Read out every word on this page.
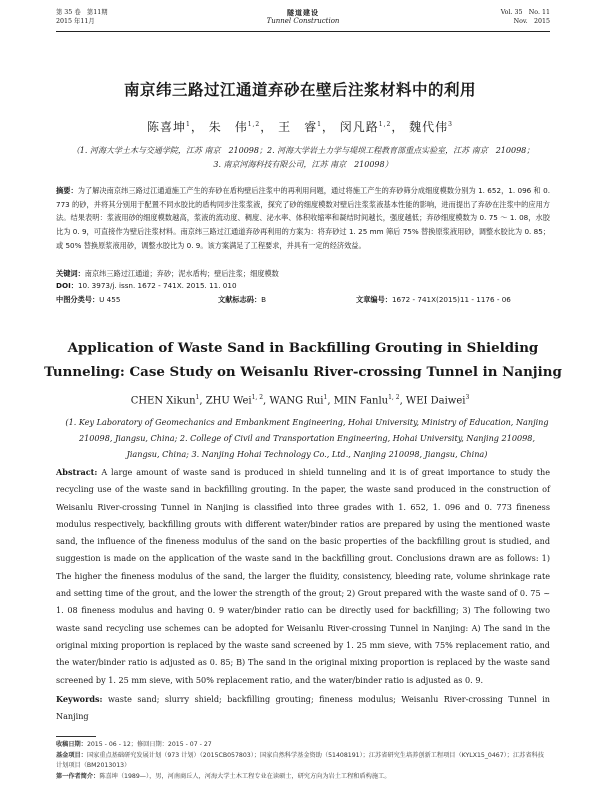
第 35 卷　第11期
2015 年11月
隧道建设
Tunnel Construction
Vol. 35　No. 11
Nov.　2015
南京纬三路过江通道弃砂在壁后注浆材料中的利用
陈喜坤$^1$， 朱　伟$^{1,2}$， 王　睿$^1$， 闵凡路$^{1,2}$， 魏代伟$^3$
（1. 河海大学土木与交通学院，江苏 南京　210098；2. 河海大学岩土力学与堤坝工程教育部重点实验室，江苏 南京　210098；3. 南京河海科技有限公司，江苏 南京　210098）
摘要：为了解决南京纬三路过江通道施工产生的弃砂在盾构壁后注浆中的再利用问题，通过将施工产生的弃砂筛分成细度模数分别为 1. 652，1. 096 和 0. 773 的砂，并将其分别用于配置不同水胶比的盾构同步注浆浆液，探究了砂的细度模数对壁后注浆浆液基本性能的影响，进而提出了弃砂在注浆中的应用方法。结果表明：浆液用砂的细度模数越高，浆液的流动度、稠度、泌水率、体积收缩率和凝结时间越长，强度越低；弃砂细度模数为 0. 75 ～ 1. 08，水胶比为 0. 9，可直接作为壁后注浆材料。南京纬三路过江通道弃砂再利用的方案为：将弃砂过 1. 25 mm 筛后 75% 替换原浆液用砂，调整水胶比为 0. 85；或 50% 替换原浆液用砂，调整水胶比为 0. 9。该方案满足了工程要求，并具有一定的经济效益。
关键词：南京纬三路过江通道；弃砂；泥水盾构；壁后注浆；细度模数
DOI：10. 3973/j. issn. 1672 - 741X. 2015. 11. 010
中图分类号：U 455	文献标志码：B	文章编号：1672 - 741X(2015)11 - 1176 - 06
Application of Waste Sand in Backfilling Grouting in Shielding Tunneling: Case Study on Weisanlu River-crossing Tunnel in Nanjing
CHEN Xikun$^1$, ZHU Wei$^{1, 2}$, WANG Rui$^1$, MIN Fanlu$^{1, 2}$, WEI Daiwei$^3$
(1. Key Laboratory of Geomechanics and Embankment Engineering, Hohai University, Ministry of Education, Nanjing 210098, Jiangsu, China; 2. College of Civil and Transportation Engineering, Hohai University, Nanjing 210098, Jiangsu, China; 3. Nanjing Hohai Technology Co., Ltd., Nanjing 210098, Jiangsu, China)
Abstract: A large amount of waste sand is produced in shield tunneling and it is of great importance to study the recycling use of the waste sand in backfilling grouting. In the paper, the waste sand produced in the construction of Weisanlu River-crossing Tunnel in Nanjing is classified into three grades with 1. 652, 1. 096 and 0. 773 fineness modulus respectively, backfilling grouts with different water/binder ratios are prepared by using the mentioned waste sand, the influence of the fineness modulus of the sand on the basic properties of the backfilling grout is studied, and suggestion is made on the application of the waste sand in the backfilling grout. Conclusions drawn are as follows: 1) The higher the fineness modulus of the sand, the larger the fluidity, consistency, bleeding rate, volume shrinkage rate and setting time of the grout, and the lower the strength of the grout; 2) Grout prepared with the waste sand of 0. 75 ~ 1. 08 fineness modulus and having 0. 9 water/binder ratio can be directly used for backfilling; 3) The following two waste sand recycling use schemes can be adopted for Weisanlu River-crossing Tunnel in Nanjing: A) The sand in the original mixing proportion is replaced by the waste sand screened by 1. 25 mm sieve, with 75% replacement ratio, and the water/binder ratio is adjusted as 0. 85; B) The sand in the original mixing proportion is replaced by the waste sand screened by 1. 25 mm sieve, with 50% replacement ratio, and the water/binder ratio is adjusted as 0. 9.
Keywords: waste sand; slurry shield; backfilling grouting; fineness modulus; Weisanlu River-crossing Tunnel in Nanjing
收稿日期：2015 - 06 - 12；修回日期：2015 - 07 - 27
基金项目：国家重点基础研究发展计划（973 计划）（2015CB057803）；国家自然科学基金资助（51408191）；江苏省研究生培养创新工程项目（KYLX15_0467）；江苏省科技计划项目（BM2013013）
第一作者简介：陈喜坤（1989—），男，河南商丘人，河海大学土木工程专业在读硕士，研究方向为岩土工程和盾构施工。
